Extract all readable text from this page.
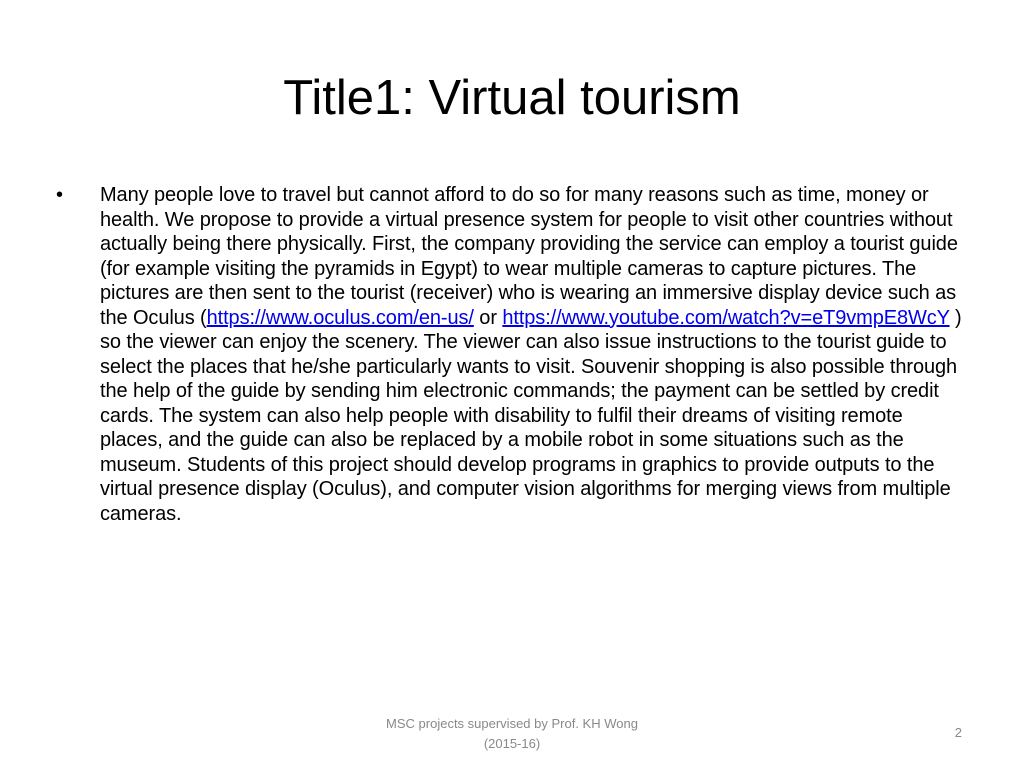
Title1: Virtual tourism
• Many people love to travel but cannot afford to do so for many reasons such as time, money or health. We propose to provide a virtual presence system for people to visit other countries without actually being there physically. First, the company providing the service can employ a tourist guide (for example visiting the pyramids in Egypt) to wear multiple cameras to capture pictures. The pictures are then sent to the tourist (receiver) who is wearing an immersive display device such as the Oculus (https://www.oculus.com/en-us/ or https://www.youtube.com/watch?v=eT9vmpE8WcY ) so the viewer can enjoy the scenery. The viewer can also issue instructions to the tourist guide to select the places that he/she particularly wants to visit. Souvenir shopping is also possible through the help of the guide by sending him electronic commands; the payment can be settled by credit cards. The system can also help people with disability to fulfil their dreams of visiting remote places, and the guide can also be replaced by a mobile robot in some situations such as the museum. Students of this project should develop programs in graphics to provide outputs to the virtual presence display (Oculus), and computer vision algorithms for merging views from multiple cameras.
MSC projects supervised by Prof. KH Wong
(2015-16)
2
